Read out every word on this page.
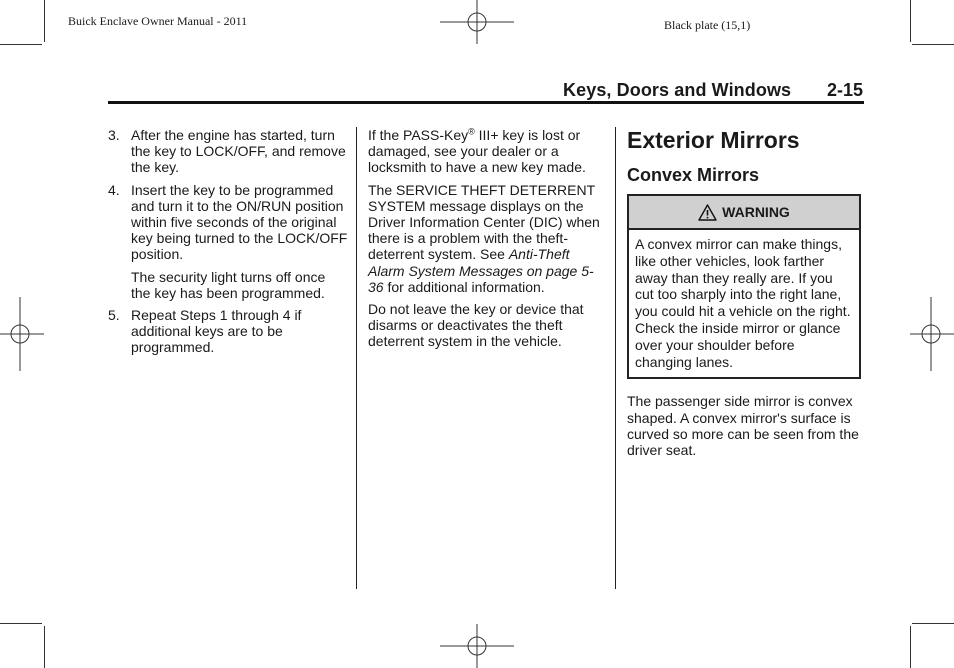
Buick Enclave Owner Manual - 2011	Black plate (15,1)
Keys, Doors and Windows 2-15
3. After the engine has started, turn the key to LOCK/OFF, and remove the key.
4. Insert the key to be programmed and turn it to the ON/RUN position within five seconds of the original key being turned to the LOCK/OFF position.
The security light turns off once the key has been programmed.
5. Repeat Steps 1 through 4 if additional keys are to be programmed.

If the PASS-Key® III+ key is lost or damaged, see your dealer or a locksmith to have a new key made.

The SERVICE THEFT DETERRENT SYSTEM message displays on the Driver Information Center (DIC) when there is a problem with the theft-deterrent system. See Anti-Theft Alarm System Messages on page 5-36 for additional information.

Do not leave the key or device that disarms or deactivates the theft deterrent system in the vehicle.

Exterior Mirrors
Convex Mirrors
WARNING
A convex mirror can make things, like other vehicles, look farther away than they really are. If you cut too sharply into the right lane, you could hit a vehicle on the right. Check the inside mirror or glance over your shoulder before changing lanes.

The passenger side mirror is convex shaped. A convex mirror's surface is curved so more can be seen from the driver seat.
